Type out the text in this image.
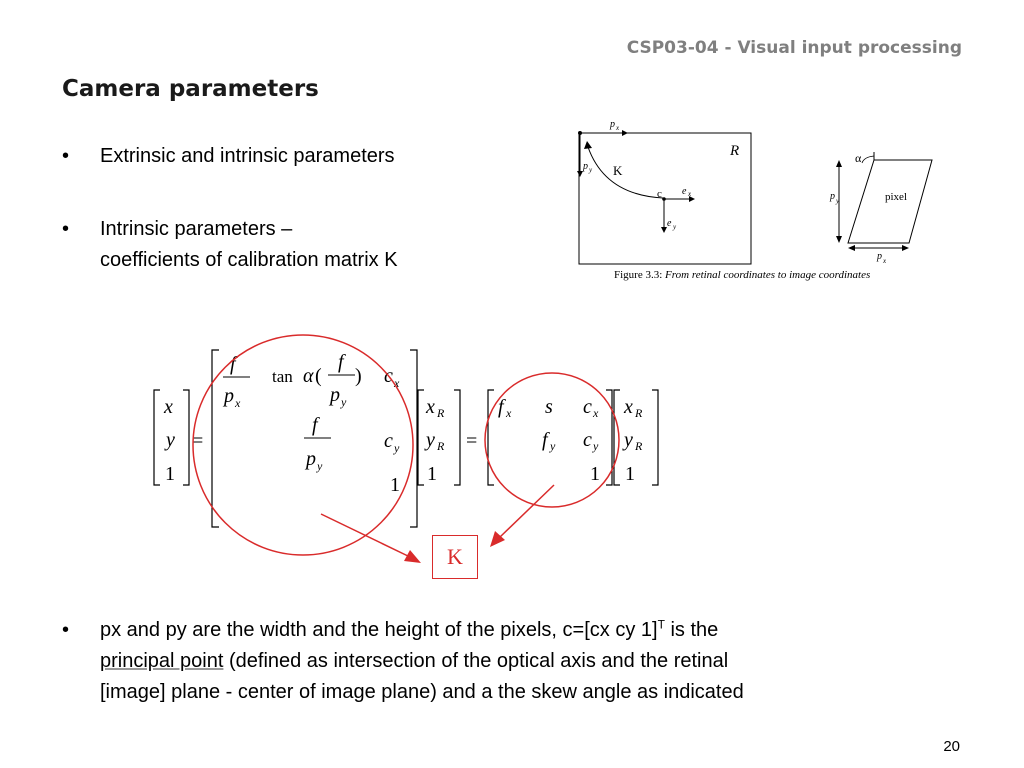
CSP03-04 - Visual input processing
Camera parameters
• Extrinsic and intrinsic parameters
• Intrinsic parameters –
coefficients of calibration matrix K
p x
p y K
R
c e x
e y
α
pixel
p y
p x
Figure 3.3: From retinal coordinates to image coordinates
x
y
1
=
f
p x
tan α (
f
p y
) c x
f
p y
c y
1
x R
y R
1
=
f x s c x
f y c y
1
x R
y R
1
K
• px and py are the width and the height of the pixels, c=[cx cy 1]$^T$ is the
principal point (defined as intersection of the optical axis and the retinal
[image] plane - center of image plane) and a the skew angle as indicated
20
